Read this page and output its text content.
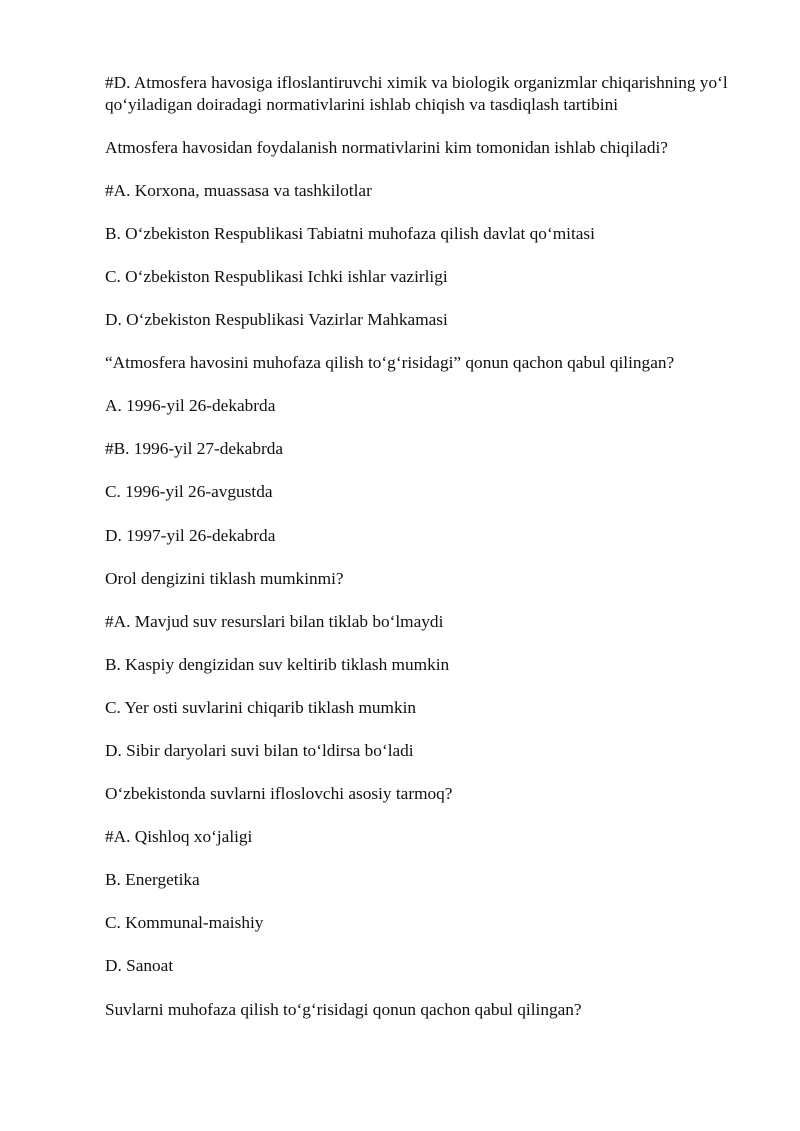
#D. Atmosfera havosiga ifloslantiruvchi ximik va biologik organizmlar chiqarishning yo‘l qo‘yiladigan doiradagi normativlarini ishlab chiqish va tasdiqlash tartibini

Atmosfera havosidan foydalanish normativlarini kim tomonidan ishlab chiqiladi?

#A. Korxona, muassasa va tashkilotlar

B. O‘zbekiston Respublikasi Tabiatni muhofaza qilish davlat qo‘mitasi

C. O‘zbekiston Respublikasi Ichki ishlar vazirligi

D. O‘zbekiston Respublikasi Vazirlar Mahkamasi

“Atmosfera havosini muhofaza qilish to‘g‘risidagi” qonun qachon qabul qilingan?

A. 1996-yil 26-dekabrda

#B. 1996-yil 27-dekabrda

C. 1996-yil 26-avgustda

D. 1997-yil 26-dekabrda

Orol dengizini tiklash mumkinmi?

#A. Mavjud suv resurslari bilan tiklab bo‘lmaydi

B. Kaspiy dengizidan suv keltirib tiklash mumkin

C. Yer osti suvlarini chiqarib tiklash mumkin

D. Sibir daryolari suvi bilan to‘ldirsa bo‘ladi

O‘zbekistonda suvlarni ifloslovchi asosiy tarmoq?

#A. Qishloq xo‘jaligi

B. Energetika

C. Kommunal-maishiy

D. Sanoat

Suvlarni muhofaza qilish to‘g‘risidagi qonun qachon qabul qilingan?
